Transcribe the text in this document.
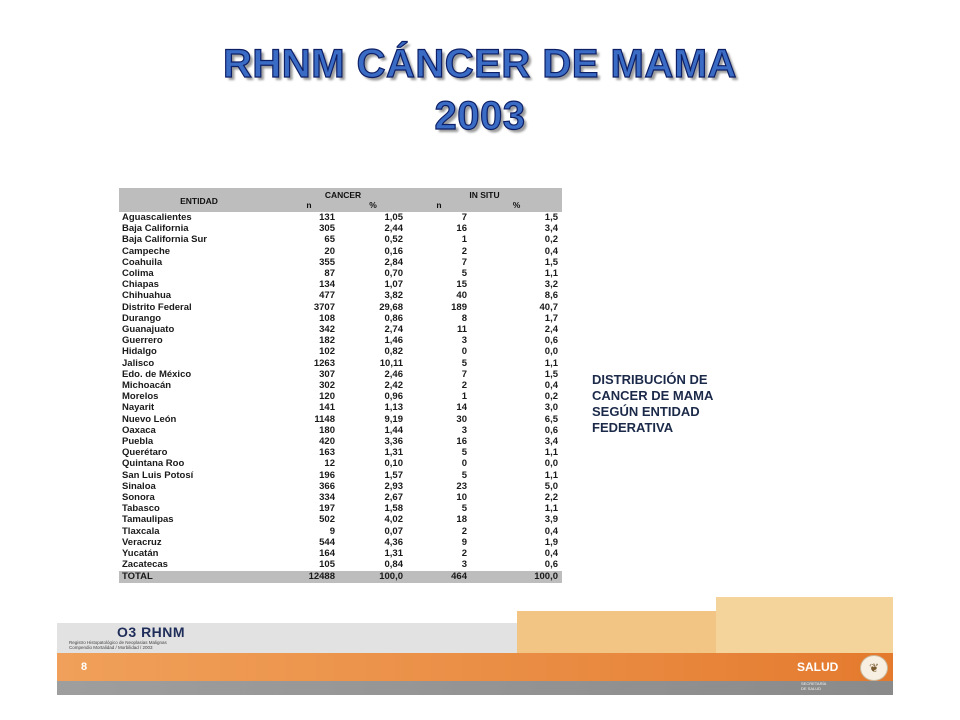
RHNM CÁNCER DE MAMA
2003
ENTIDAD	CANCER		IN SITU	
	n	%	n	%
Aguascalientes	131	1,05	7	1,5
Baja California	305	2,44	16	3,4
Baja California Sur	65	0,52	1	0,2
Campeche	20	0,16	2	0,4
Coahuila	355	2,84	7	1,5
Colima	87	0,70	5	1,1
Chiapas	134	1,07	15	3,2
Chihuahua	477	3,82	40	8,6
Distrito Federal	3707	29,68	189	40,7
Durango	108	0,86	8	1,7
Guanajuato	342	2,74	11	2,4
Guerrero	182	1,46	3	0,6
Hidalgo	102	0,82	0	0,0
Jalisco	1263	10,11	5	1,1
Edo. de México	307	2,46	7	1,5
Michoacán	302	2,42	2	0,4
Morelos	120	0,96	1	0,2
Nayarit	141	1,13	14	3,0
Nuevo León	1148	9,19	30	6,5
Oaxaca	180	1,44	3	0,6
Puebla	420	3,36	16	3,4
Querétaro	163	1,31	5	1,1
Quintana Roo	12	0,10	0	0,0
San Luis Potosí	196	1,57	5	1,1
Sinaloa	366	2,93	23	5,0
Sonora	334	2,67	10	2,2
Tabasco	197	1,58	5	1,1
Tamaulipas	502	4,02	18	3,9
Tlaxcala	9	0,07	2	0,4
Veracruz	544	4,36	9	1,9
Yucatán	164	1,31	2	0,4
Zacatecas	105	0,84	3	0,6
TOTAL	12488	100,0	464	100,0
DISTRIBUCIÓN DE
CANCER DE MAMA
SEGÚN ENTIDAD
FEDERATIVA
O3 RHNM
Registro Histopatológico de Neoplasias Malignas
Compendio Mortalidad / Morbilidad / 2003
8	SALUD	❦
SECRETARÍA
DE SALUD
